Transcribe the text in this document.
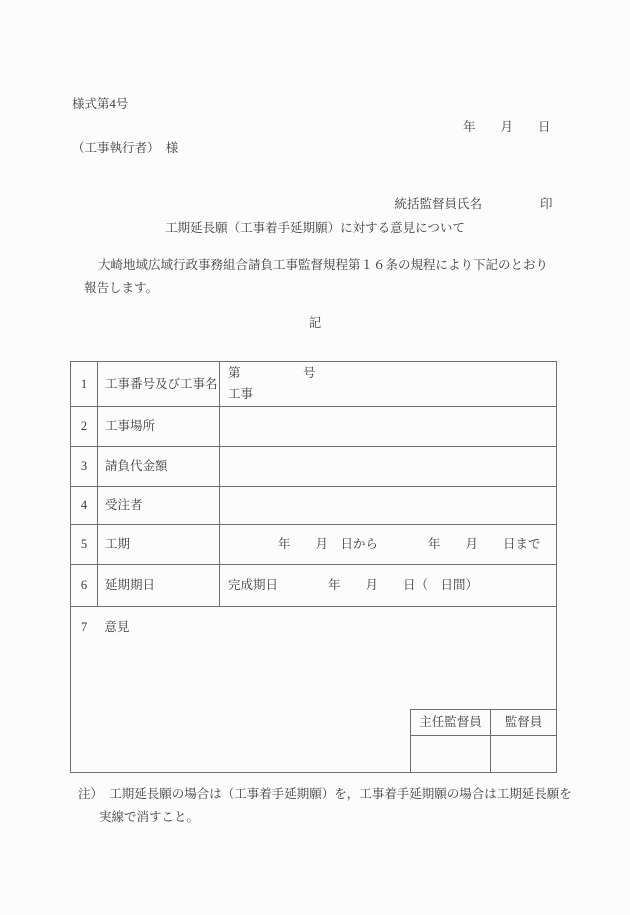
様式第4号
年　　月　　日
（工事執行者）　様

統括監督員氏名	印

工期延長願（工事着手延期願）に対する意見について
大崎地域広域行政事務組合請負工事監督規程第１６条の規程により下記のとおり
報告します。
記
1	工事番号及び工事名
第　　　　　号
工事
2	工事場所
3	請負代金額
4	受注者
5	工期	　　　　年　　月　日から　　　　年　　月　　日まで
6	延期期日	完成期日　　　　年　　月　　日（　日間）
7 意見
主任監督員	監督員
注）　工期延長願の場合は（工事着手延期願）を，工事着手延期願の場合は工期延長願を
実線で消すこと。
